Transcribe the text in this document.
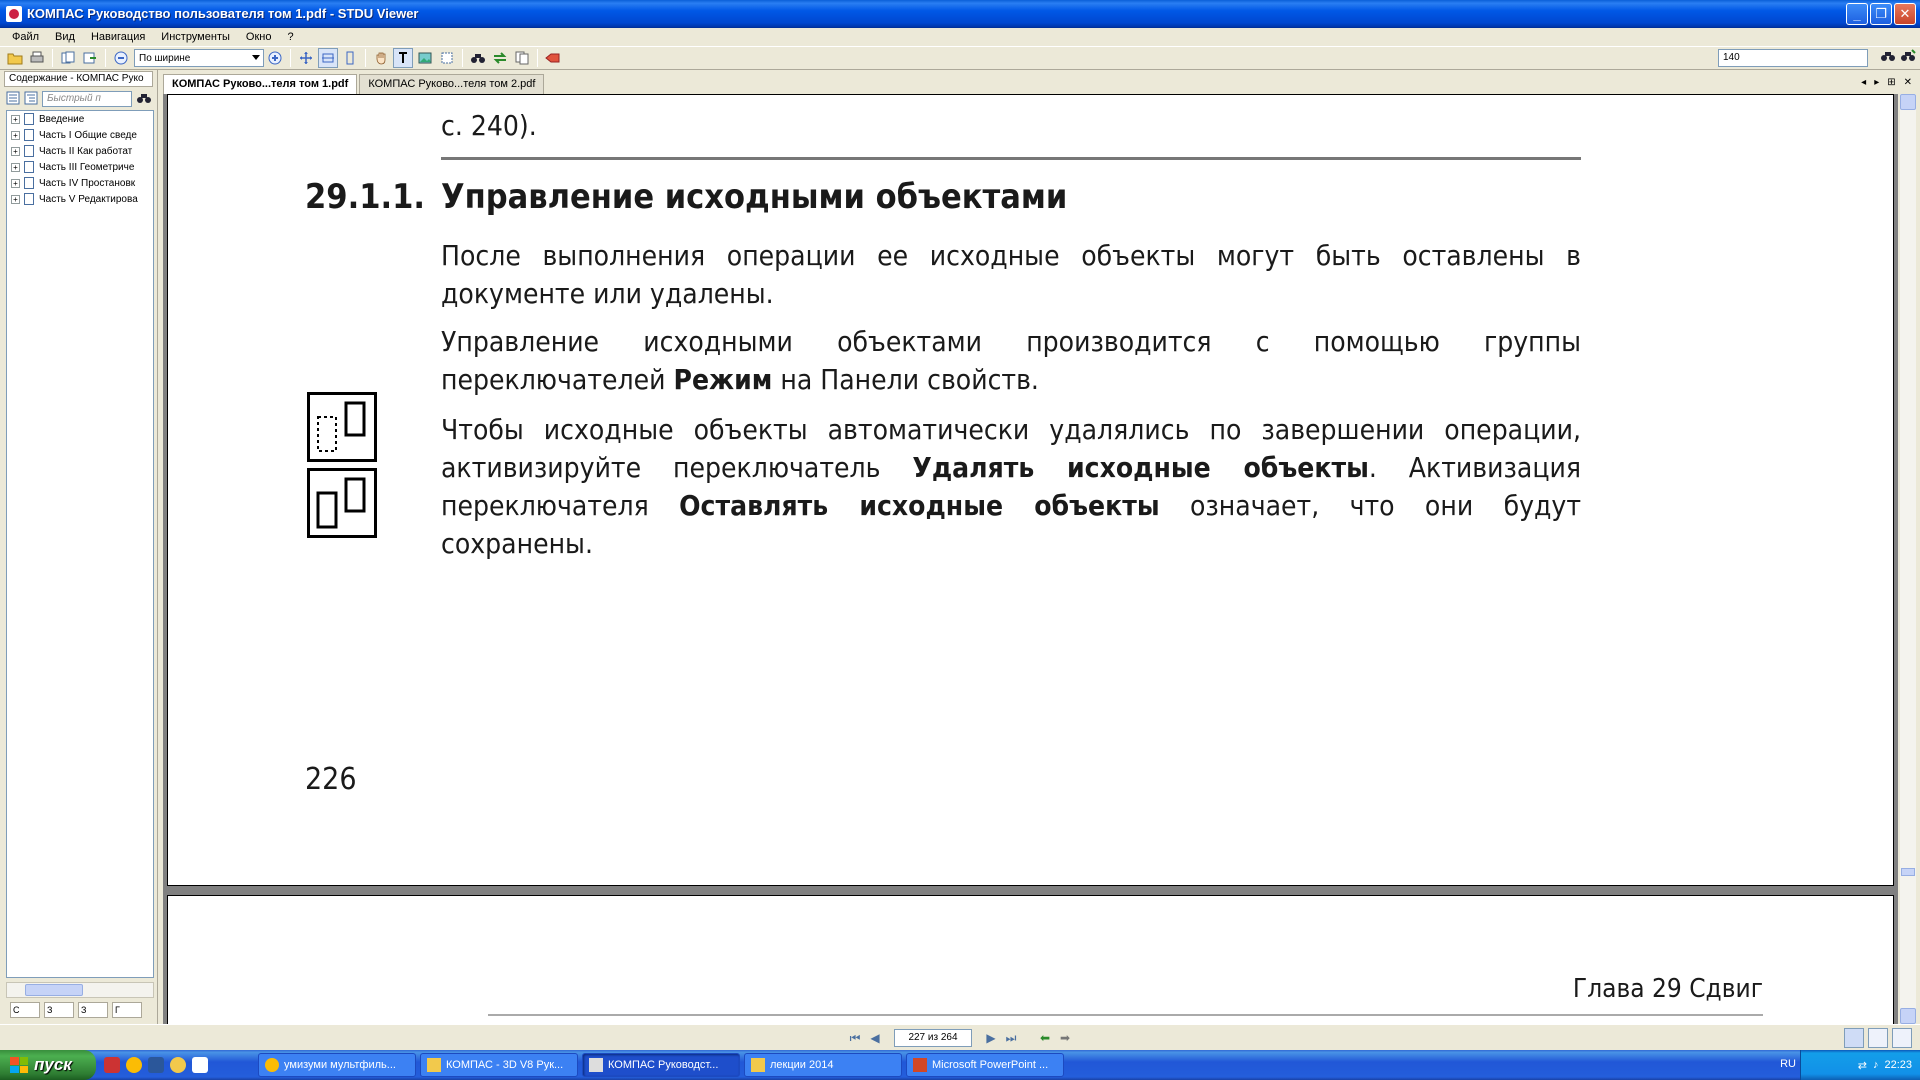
КОМПАС Руководство пользователя том 1.pdf - STDU Viewer	_	❐ ✕
Файл	Вид	Навигация	Инструменты	Окно	?
По ширине	140
Содержание - КОМПАС Руко
Быстрый п
+ Введение
+ Часть I Общие сведе
+ Часть II Как работат
+ Часть III Геометриче
+ Часть IV Простановк
+ Часть V Редактирова
С	З	З	Г
КОМПАС Руково...теля том 1.pdf	КОМПАС Руково...теля том 2.pdf	◂ ▸ ⊞ ✕
с. 240).
29.1.1. Управление исходными объектами
После выполнения операции ее исходные объекты могут быть оставлены в документе или удалены.
Управление исходными объектами производится с помощью группы переключателей Режим на Панели свойств.
Чтобы исходные объекты автоматически удалялись по завершении операции, активизируйте переключатель Удалять исходные объекты. Активизация переключателя Оставлять исходные объекты означает, что они будут сохранены.
226
Глава 29 Сдвиг
⏮ ◀	227 из 264	▶ ⏭ ⬅ ➡
пуск	умизуми мультфиль...	КОМПАС - 3D V8 Рук...	КОМПАС Руководст...	лекции 2014	Microsoft PowerPoint ...	RU	⇄ ♪ 22:23
